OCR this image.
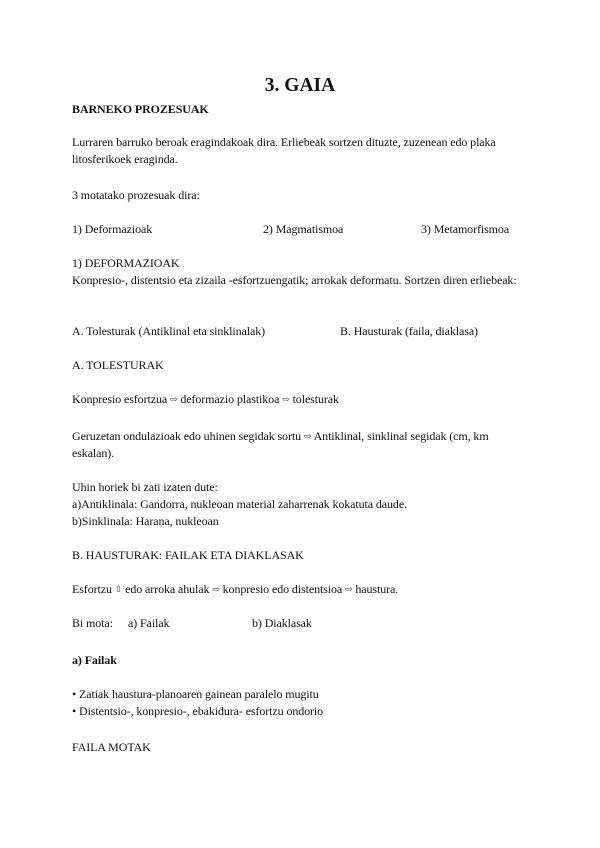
3. GAIA

BARNEKO PROZESUAK

Lurraren barruko beroak eragindakoak dira. Erliebeak sortzen dituzte, zuzenean edo plaka litosferikoek eraginda.

3 motatako prozesuak dira:

1) Deformazioak	2) Magmatismoa	3) Metamorfismoa

1) DEFORMAZIOAK

Konpresio-, distentsio eta zizaila -esfortzuengatik; arrokak deformatu. Sortzen diren erliebeak:

A. Tolesturak (Antiklinal eta sinklinalak)	B. Hausturak (faila, diaklasa)

A. TOLESTURAK

Konpresio esfortzua ⇨ deformazio plastikoa ⇨ tolesturak

Geruzetan ondulazioak edo uhinen segidak sortu ⇨ Antiklinal, sinklinal segidak (cm, km eskalan).

Uhin horiek bi zati izaten dute:

a)Antiklinala: Gandorra, nukleoan material zaharrenak kokatuta daude.

b)Sinklinala: Harana, nukleoan

B. HAUSTURAK: FAILAK ETA DIAKLASAK

Esfortzu ⇧ edo arroka ahulak ⇨ konpresio edo distentsioa ⇨ haustura.

Bi mota: a) Failak	b) Diaklasak

a) Failak

• Zatiak haustura-planoaren gainean paralelo mugitu

• Distentsio-, konpresio-, ebakidura- esfortzu ondorio

FAILA MOTAK
